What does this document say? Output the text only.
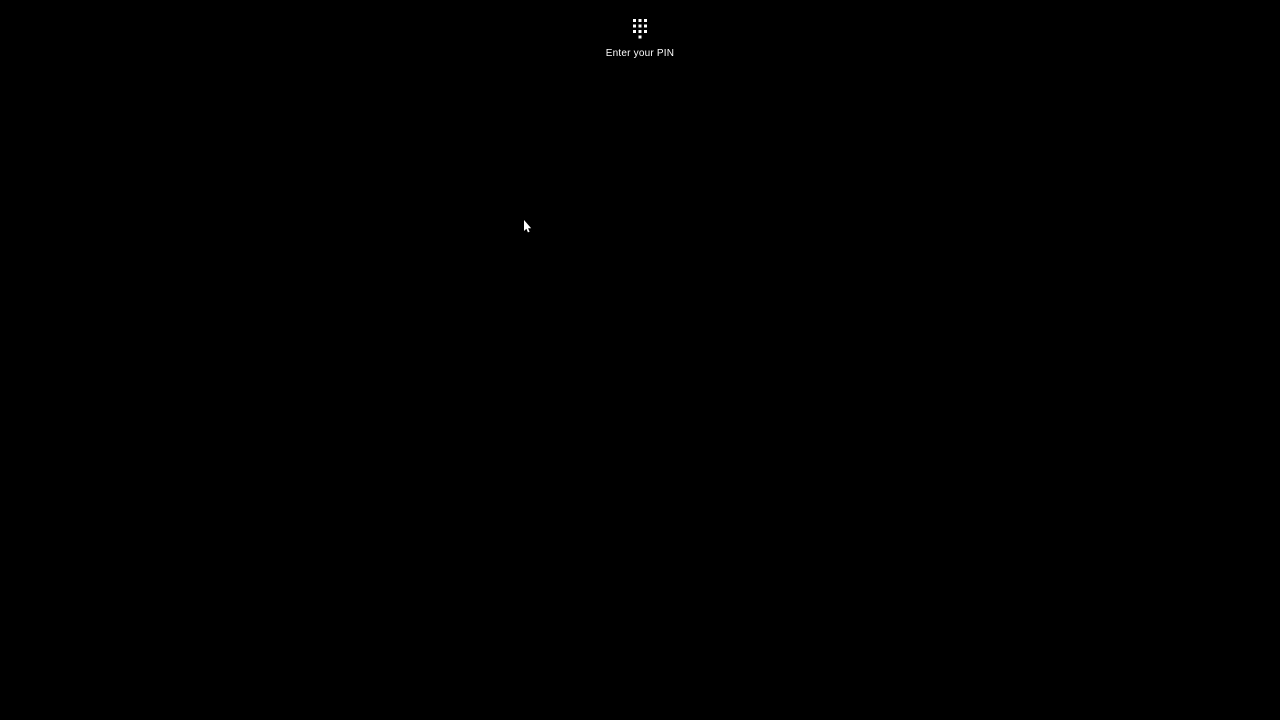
Enter your PIN
